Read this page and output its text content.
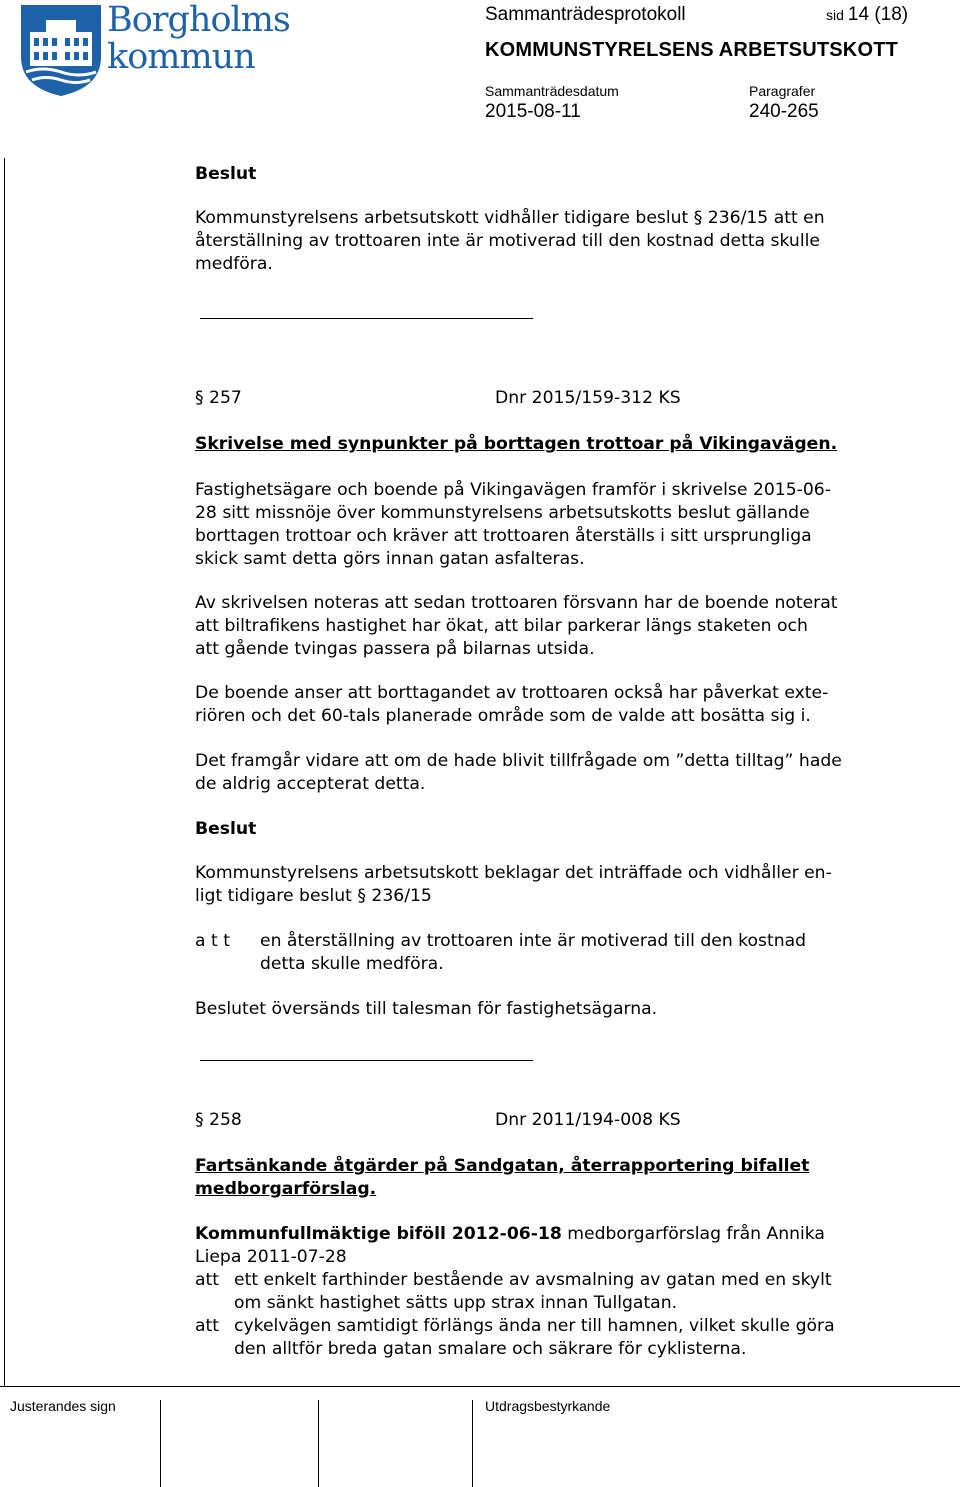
Borgholms
kommun
Sammanträdesprotokoll	sid 14 (18)
KOMMUNSTYRELSENS ARBETSUTSKOTT
Sammanträdesdatum	Paragrafer
2015-08-11	240-265
Beslut
Kommunstyrelsens arbetsutskott vidhåller tidigare beslut § 236/15 att en
återställning av trottoaren inte är motiverad till den kostnad detta skulle
medföra.
§ 257	Dnr 2015/159-312 KS
Skrivelse med synpunkter på borttagen trottoar på Vikingavägen.
Fastighetsägare och boende på Vikingavägen framför i skrivelse 2015-06-
28 sitt missnöje över kommunstyrelsens arbetsutskotts beslut gällande
borttagen trottoar och kräver att trottoaren återställs i sitt ursprungliga
skick samt detta görs innan gatan asfalteras.
Av skrivelsen noteras att sedan trottoaren försvann har de boende noterat
att biltrafikens hastighet har ökat, att bilar parkerar längs staketen och
att gående tvingas passera på bilarnas utsida.
De boende anser att borttagandet av trottoaren också har påverkat exte-
riören och det 60-tals planerade område som de valde att bosätta sig i.
Det framgår vidare att om de hade blivit tillfrågade om ”detta tilltag” hade
de aldrig accepterat detta.
Beslut
Kommunstyrelsens arbetsutskott beklagar det inträffade och vidhåller en-
ligt tidigare beslut § 236/15
a t t en återställning av trottoaren inte är motiverad till den kostnad
detta skulle medföra.
Beslutet översänds till talesman för fastighetsägarna.
§ 258	Dnr 2011/194-008 KS
Fartsänkande åtgärder på Sandgatan, återrapportering bifallet
medborgarförslag.
Kommunfullmäktige biföll 2012-06-18 medborgarförslag från Annika
Liepa 2011-07-28
att ett enkelt farthinder bestående av avsmalning av gatan med en skylt
om sänkt hastighet sätts upp strax innan Tullgatan.
att cykelvägen samtidigt förlängs ända ner till hamnen, vilket skulle göra
den alltför breda gatan smalare och säkrare för cyklisterna.
Justerandes sign	Utdragsbestyrkande
